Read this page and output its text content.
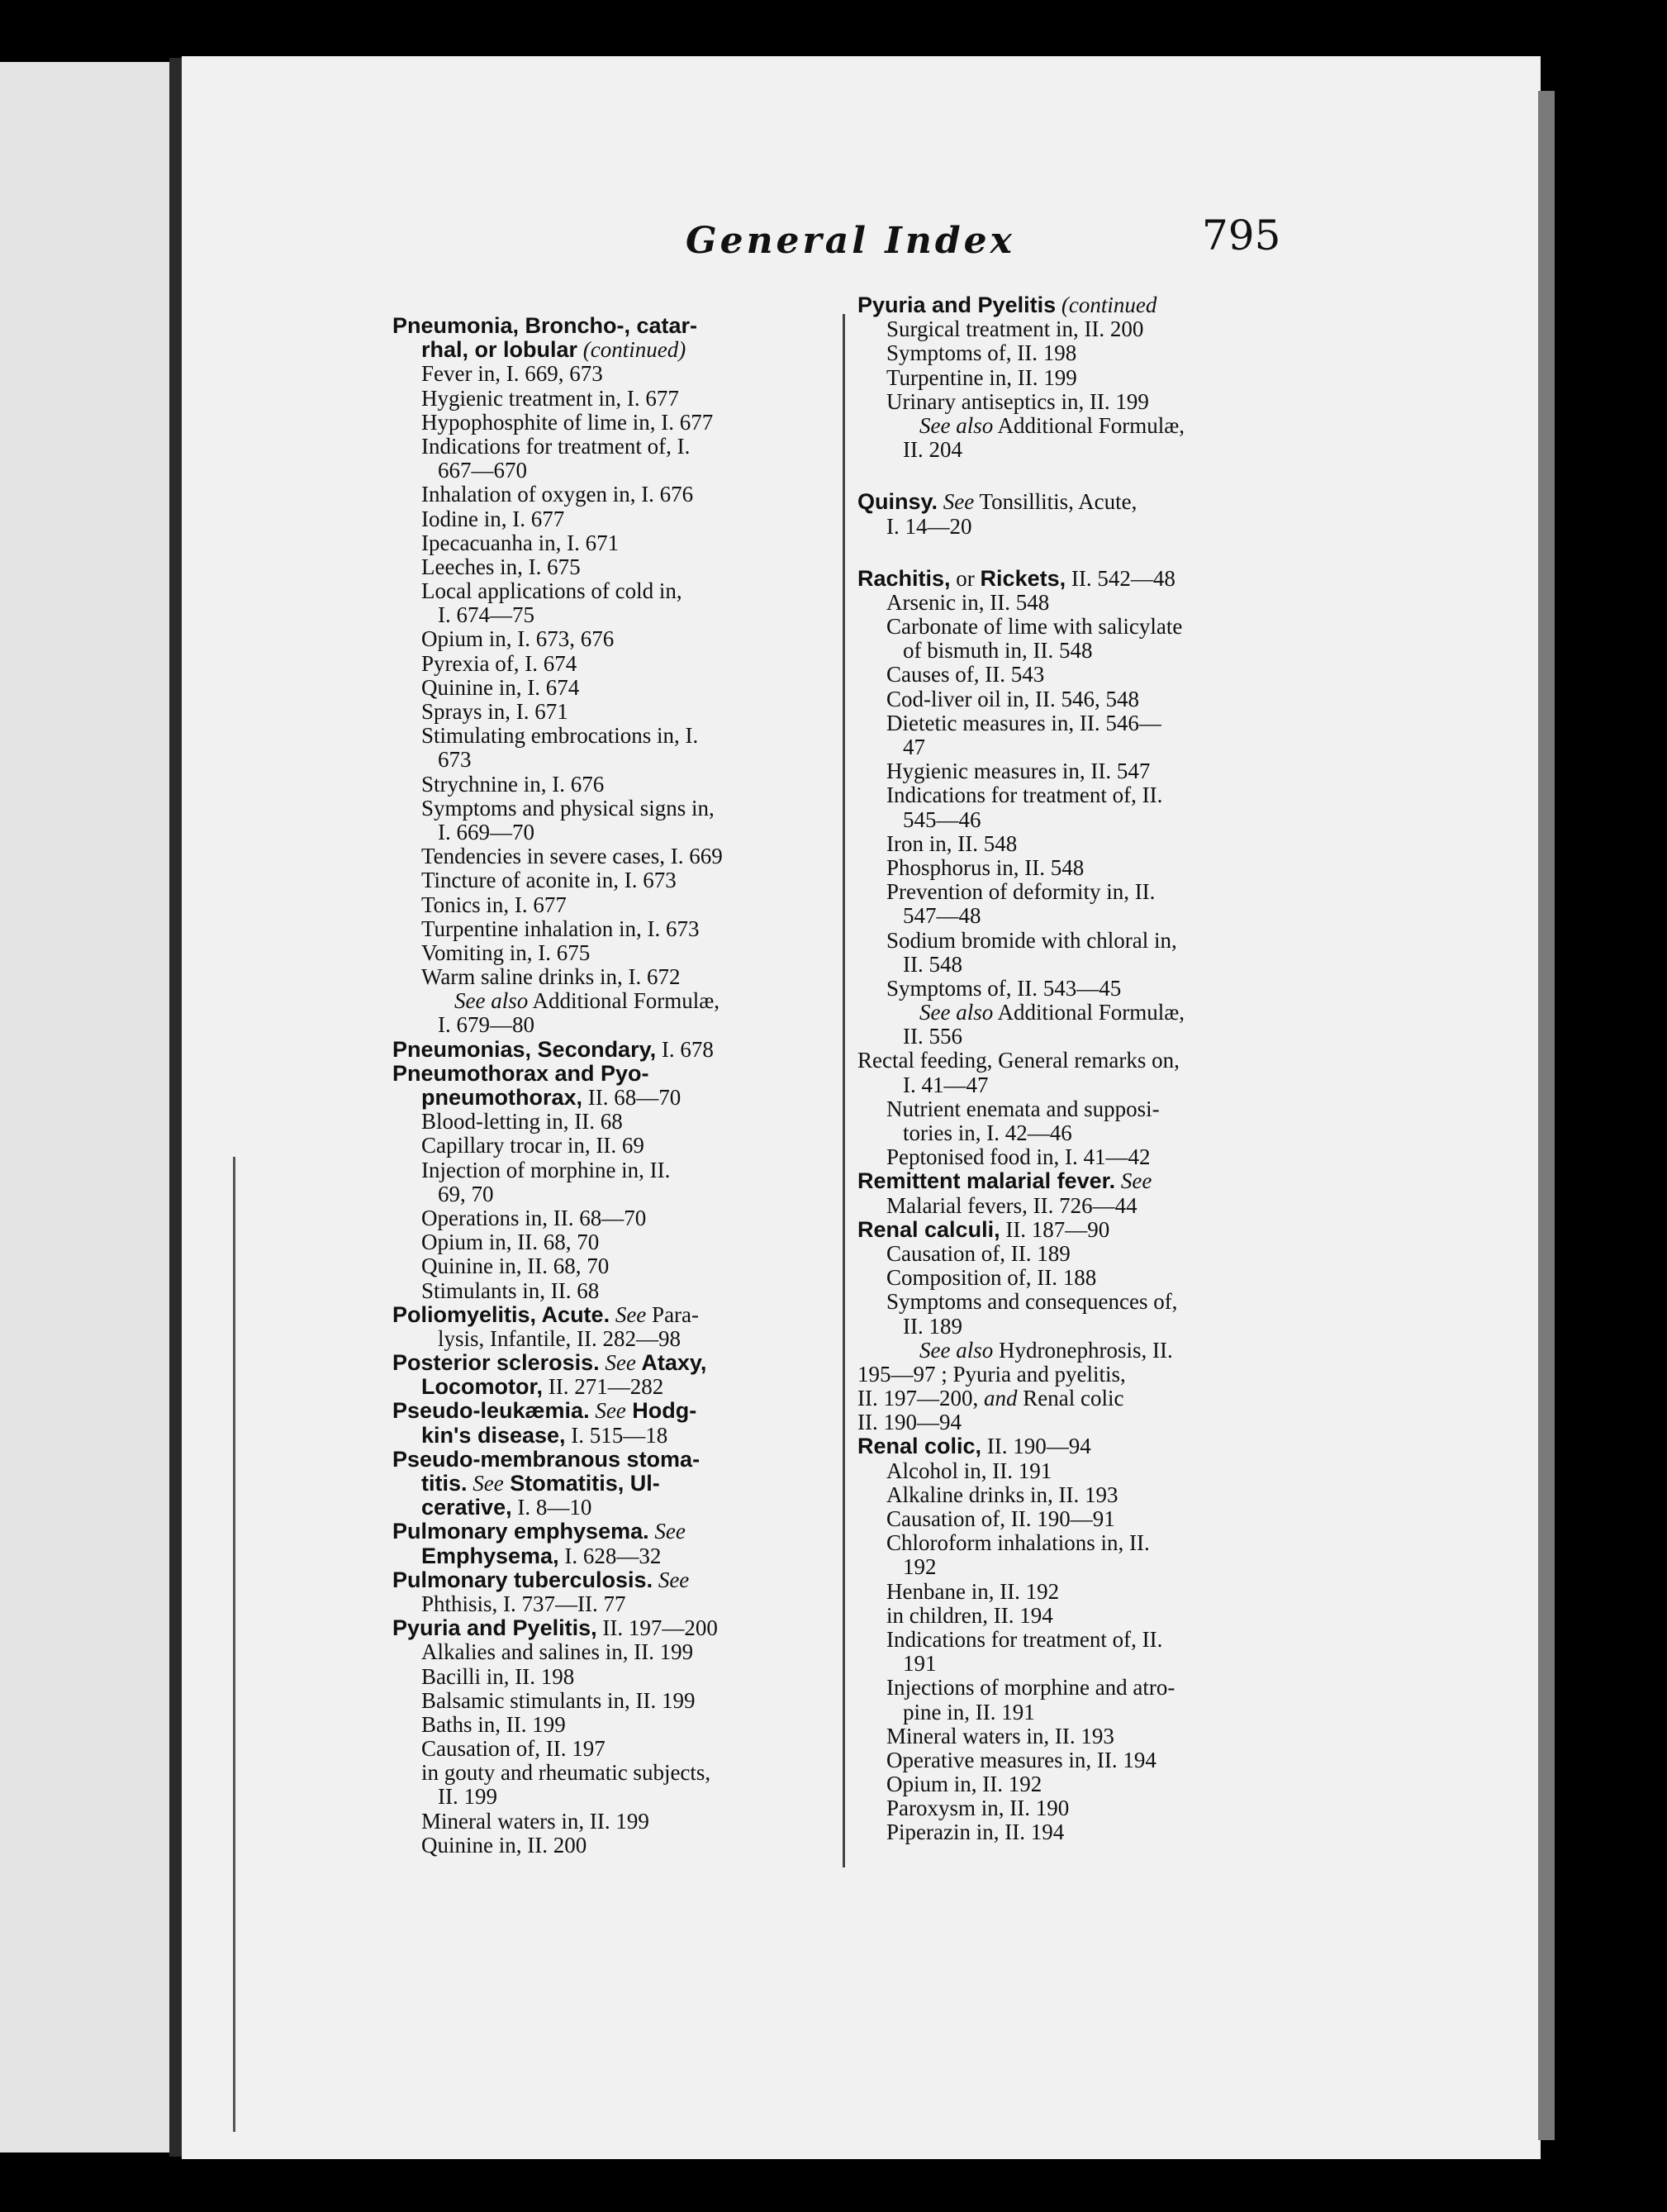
General Index	795
Pneumonia, Broncho-, catar-
rhal, or lobular (continued)
Fever in, I. 669, 673
Hygienic treatment in, I. 677
Hypophosphite of lime in, I. 677
Indications for treatment of, I.
667—670
Inhalation of oxygen in, I. 676
Iodine in, I. 677
Ipecacuanha in, I. 671
Leeches in, I. 675
Local applications of cold in,
I. 674—75
Opium in, I. 673, 676
Pyrexia of, I. 674
Quinine in, I. 674
Sprays in, I. 671
Stimulating embrocations in, I.
673
Strychnine in, I. 676
Symptoms and physical signs in,
I. 669—70
Tendencies in severe cases, I. 669
Tincture of aconite in, I. 673
Tonics in, I. 677
Turpentine inhalation in, I. 673
Vomiting in, I. 675
Warm saline drinks in, I. 672
See also Additional Formulæ,
I. 679—80
Pneumonias, Secondary, I. 678
Pneumothorax and Pyo-
pneumothorax, II. 68—70
Blood-letting in, II. 68
Capillary trocar in, II. 69
Injection of morphine in, II.
69, 70
Operations in, II. 68—70
Opium in, II. 68, 70
Quinine in, II. 68, 70
Stimulants in, II. 68
Poliomyelitis, Acute. See Para-
lysis, Infantile, II. 282—98
Posterior sclerosis. See Ataxy,
Locomotor, II. 271—282
Pseudo-leukæmia. See Hodg-
kin's disease, I. 515—18
Pseudo-membranous stoma-
titis. See Stomatitis, Ul-
cerative, I. 8—10
Pulmonary emphysema. See
Emphysema, I. 628—32
Pulmonary tuberculosis. See
Phthisis, I. 737—II. 77
Pyuria and Pyelitis, II. 197—200
Alkalies and salines in, II. 199
Bacilli in, II. 198
Balsamic stimulants in, II. 199
Baths in, II. 199
Causation of, II. 197
in gouty and rheumatic subjects,
II. 199
Mineral waters in, II. 199
Quinine in, II. 200
Pyuria and Pyelitis (continued
Surgical treatment in, II. 200
Symptoms of, II. 198
Turpentine in, II. 199
Urinary antiseptics in, II. 199
See also Additional Formulæ,
II. 204
Quinsy. See Tonsillitis, Acute,
I. 14—20
Rachitis, or Rickets, II. 542—48
Arsenic in, II. 548
Carbonate of lime with salicylate
of bismuth in, II. 548
Causes of, II. 543
Cod-liver oil in, II. 546, 548
Dietetic measures in, II. 546—
47
Hygienic measures in, II. 547
Indications for treatment of, II.
545—46
Iron in, II. 548
Phosphorus in, II. 548
Prevention of deformity in, II.
547—48
Sodium bromide with chloral in,
II. 548
Symptoms of, II. 543—45
See also Additional Formulæ,
II. 556
Rectal feeding, General remarks on,
I. 41—47
Nutrient enemata and supposi-
tories in, I. 42—46
Peptonised food in, I. 41—42
Remittent malarial fever. See
Malarial fevers, II. 726—44
Renal calculi, II. 187—90
Causation of, II. 189
Composition of, II. 188
Symptoms and consequences of,
II. 189
See also Hydronephrosis, II.
195—97 ; Pyuria and pyelitis,
II. 197—200, and Renal colic
II. 190—94
Renal colic, II. 190—94
Alcohol in, II. 191
Alkaline drinks in, II. 193
Causation of, II. 190—91
Chloroform inhalations in, II.
192
Henbane in, II. 192
in children, II. 194
Indications for treatment of, II.
191
Injections of morphine and atro-
pine in, II. 191
Mineral waters in, II. 193
Operative measures in, II. 194
Opium in, II. 192
Paroxysm in, II. 190
Piperazin in, II. 194
